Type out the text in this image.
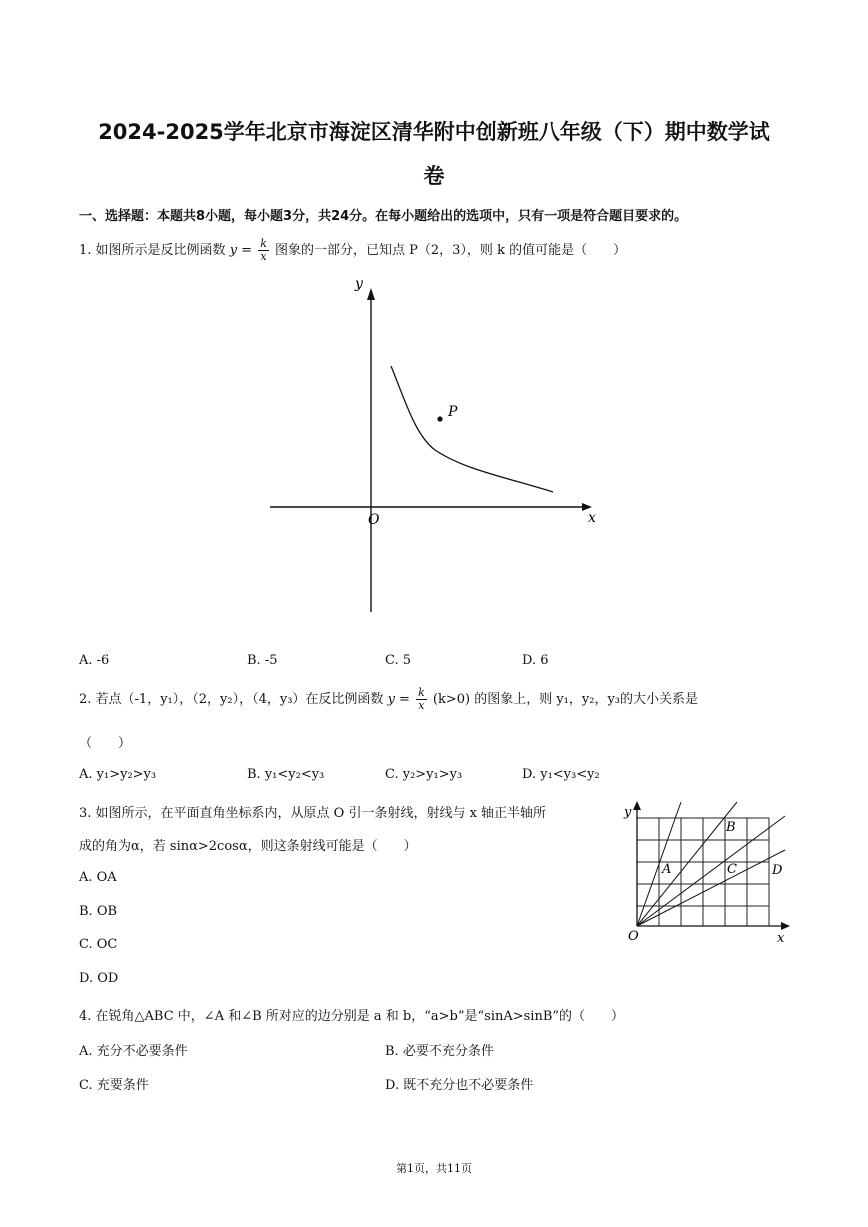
2024-2025学年北京市海淀区清华附中创新班八年级（下）期中数学试
卷
一、选择题：本题共8小题，每小题3分，共24分。在每小题给出的选项中，只有一项是符合题目要求的。
1. 如图所示是反比例函数 $y = \frac{k}{x}$ 图象的一部分，已知点 P（2，3），则 k 的值可能是（　　）
P
y
x
O
A. -6	B. -5	C. 5	D. 6
2. 若点（-1，y₁），（2，y₂），（4，y₃）在反比例函数 $y = \frac{k}{x} (k>0)$ 的图象上，则 y₁，y₂，y₃的大小关系是
（　　）
A. y₁>y₂>y₃	B. y₁<y₂<y₃	C. y₂>y₁>y₃	D. y₁<y₃<y₂
3. 如图所示，在平面直角坐标系内，从原点 O 引一条射线，射线与 x 轴正半轴所
成的角为α，若 sinα>2cosα，则这条射线可能是（　　）
A. OA
B. OB
C. OC
D. OD
y
x
O
A
B
C	D
4. 在锐角△ABC 中，∠A 和∠B 所对应的边分别是 a 和 b，“a>b”是“sinA>sinB”的（　　）
A. 充分不必要条件	B. 必要不充分条件
C. 充要条件	D. 既不充分也不必要条件
第1页，共11页
